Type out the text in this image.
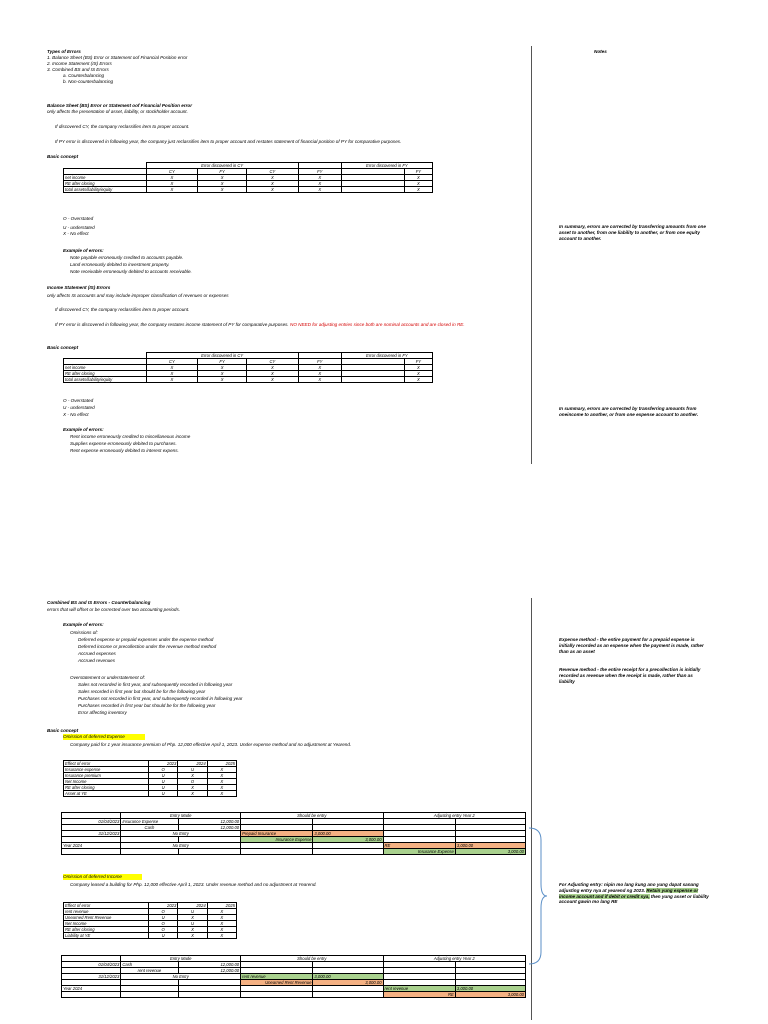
Notes
Types of Errors
1. Balance Sheet (BS) Error or Statement oof Financial Position error
2. Income Statement (IS) Errors
3. Combined BS and IS Errors
a. Counterbalancing
b. Non-counterbalancing
Balance Sheet (BS) Error or Statement oof Financial Position error
only affects the presentation of asset, liability, or stockholder account.
If discovered CY, the company reclassifies item to proper account.
If PY error is discovered in following year, the company just reclassifies item to proper account and restates statement of financial position of PY for comparative purposes.
Basic concept
	Error discovered in CY				Error discovered in FY	
	CY	FY	CY	FY		FY
net income	X	X	X	X		X
RE after closing	X	X	X	X		X
total assets/liability/equity	X	X	X	X		X
O - Overstated
U - understated
X - No effect
Example of errors:
Note payable erroneously credited to accounts payable.
Land erroneously debited to investment property.
Note receivable erroneously debited to accounts receivable.
In summary, errors are corrected by transferring amounts from one asset to another, from one liability to another, or from one equity account to another.
Income Statement (IS) Errors
only affects IS accounts and may include improper classification of revenues or expenses
If discovered CY, the company reclassifies item to proper account.
If PY error is discovered in following year, the company restates income statement of PY for comparative purposes. NO NEED for adjusting entries since both are nominal accounts and are closed in RE.
Basic concept
	Error discovered in CY				Error discovered in FY	
	CY	FY	CY	FY		FY
net income	X	X	X	X		X
RE after closing	X	X	X	X		X
total assets/liability/equity	X	X	X	X		X
O - Overstated
U - understated
X - No effect
Example of errors:
Rent income erroneously credited to miscellaneous income
Supplies expense erroneously debited to purchases.
Rent expense erroneously debited to interest expens.
In summary, errors are corrected by transferring amounts from oneincome to another, or from one expense account to another.
Combined BS and IS Errors - Counterbalancing
errors that will offset or be corrected over two accounting periods.
Example of errors:
Omissions of:
Deferred expense or prepaid expenses under the expense method
Deferred income or precollection under the revenue method method
Accrued expenses
Accrued revenues
Overstatement or understatement of:
Sales not recorded in first year, and subsequently recorded in following year
Sales recorded in first year but should be for the following year
Purchases not recorded in first year, and subsequently recorded in following year
Purchases recorded in first year but should be for the following year
Error affecting inventory
Basic concept
Expense method - the entire payment for a prepaid expense is initially recorded as an expense when the payment is made, rather than as an asset
Revenue method - the entire receipt for a precollection is initially recorded as revenue when the receipt is made, rather than as liability
For Adjusting entry: nipin mo lang kung ano yung dapat sanang adjusting entry nya at yearend ng 2023. Retain yung expense or income account and if debit or credit sya, then yung asset or liability account gawin mo lang RE
Omission of deferred Expense
Company paid for 1 year insurance premium of Php. 12,000 effective April 1, 2023. Under expense method and no adjustment at Yearend.
Effect of error	2023	2024	2025
Insurance expense	O	U	X
Insurance premium	U	X	X
Net Income	U	O	X
RE after closing	U	X	X
Asset at YE	U	X	X
	Entry Made		Should be entry		Adjusting entry Year 2	
01/04/2023	Insurance Expense	12,000.00				
	Cash	12,000.00				
31/12/2023	No Entry		Prepaid Insurance	3,000.00		
			Insurance Expense	3,000.00		
Year 2024	No Entry				RE	3,000.00
					Insurance Expense	3,000.00
Omission of deferred Income
Company leased a building for Php. 12,000 effective April 1, 2023. Under revenue method and no adjustment at Yearend.
Effect of error	2023	2024	2025
rent revenue	O	U	X
Unearned Rent Revenue	U	X	X
Net Income	O	U	X
RE after closing	O	X	X
Liability at YE	U	X	X
	Entry Made		Should be entry		Adjusting entry Year 2	
01/04/2023	Cash	12,000.00				
	rent revenue	12,000.00				
31/12/2023	No Entry		rent revenue	3,000.00		
			Unearned Rent Revenue	3,000.00		
Year 2024					rent revenue	3,000.00
					RE	3,000.00
